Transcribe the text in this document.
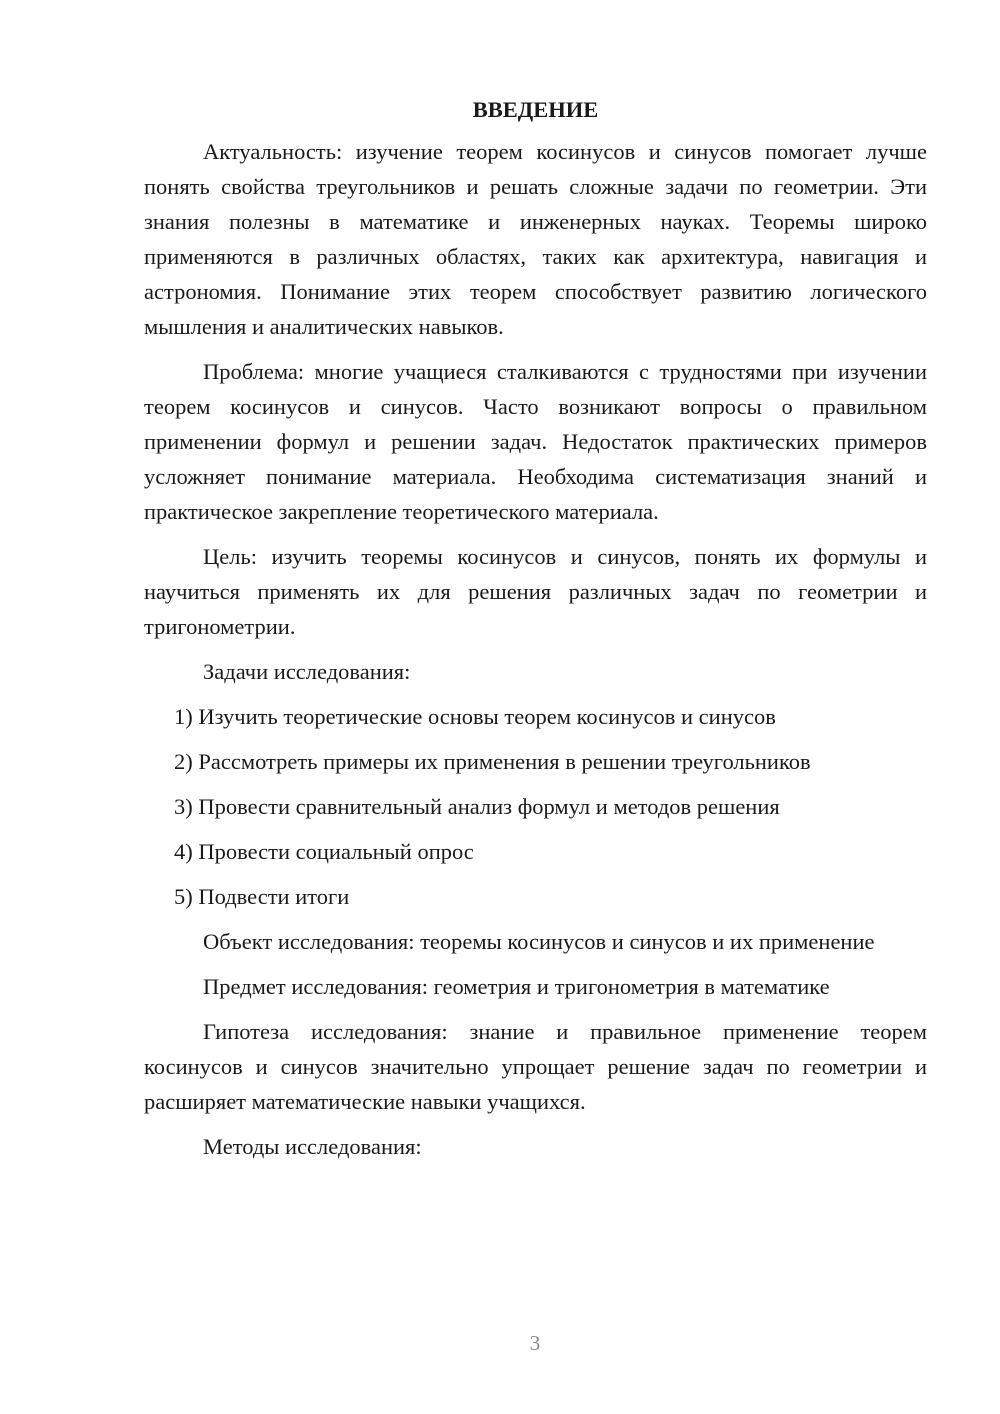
ВВЕДЕНИЕ

Актуальность: изучение теорем косинусов и синусов помогает лучше понять свойства треугольников и решать сложные задачи по геометрии. Эти знания полезны в математике и инженерных науках. Теоремы широко применяются в различных областях, таких как архитектура, навигация и астрономия. Понимание этих теорем способствует развитию логического мышления и аналитических навыков.

Проблема: многие учащиеся сталкиваются с трудностями при изучении теорем косинусов и синусов. Часто возникают вопросы о правильном применении формул и решении задач. Недостаток практических примеров усложняет понимание материала. Необходима систематизация знаний и практическое закрепление теоретического материала.

Цель: изучить теоремы косинусов и синусов, понять их формулы и научиться применять их для решения различных задач по геометрии и тригонометрии.

Задачи исследования:

1) Изучить теоретические основы теорем косинусов и синусов
2) Рассмотреть примеры их применения в решении треугольников
3) Провести сравнительный анализ формул и методов решения
4) Провести социальный опрос
5) Подвести итоги

Объект исследования: теоремы косинусов и синусов и их применение

Предмет исследования: геометрия и тригонометрия в математике

Гипотеза исследования: знание и правильное применение теорем косинусов и синусов значительно упрощает решение задач по геометрии и расширяет математические навыки учащихся.

Методы исследования:

3
